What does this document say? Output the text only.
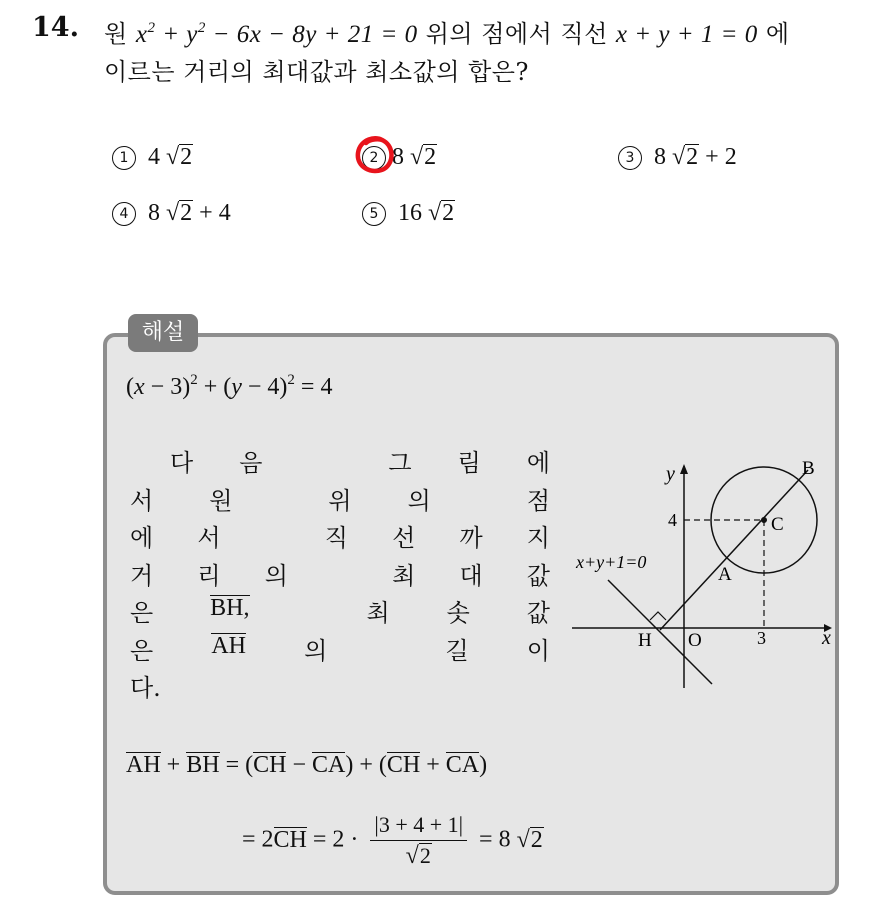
14. 원 $x^2 + y^2 - 6x - 8y + 21 = 0$ 위의 점에서 직선 x + y + 1 = 0 에
이르는 거리의 최대값과 최소값의 합은?
1 4 √2	2 8 √2	3 8 √2 + 2
4 8 √2 + 4	5 16 √2
해설
$(x - 3)^2 + (y - 4)^2 = 4$
다 음	그 림 에
서 원	위 의	점
에 서	직 선 까 지
거 리 의	최 대 값
은 BH,	최 솟 값
은 AH 의	길 이
다.
AH + BH = (CH − CA) + (CH + CA)
= $2CH = 2 \cdot \frac{|3 + 4 + 1|}{√2} = 8$ √2
y
x
4
3
x+y+1=0
B
C
A
H O
